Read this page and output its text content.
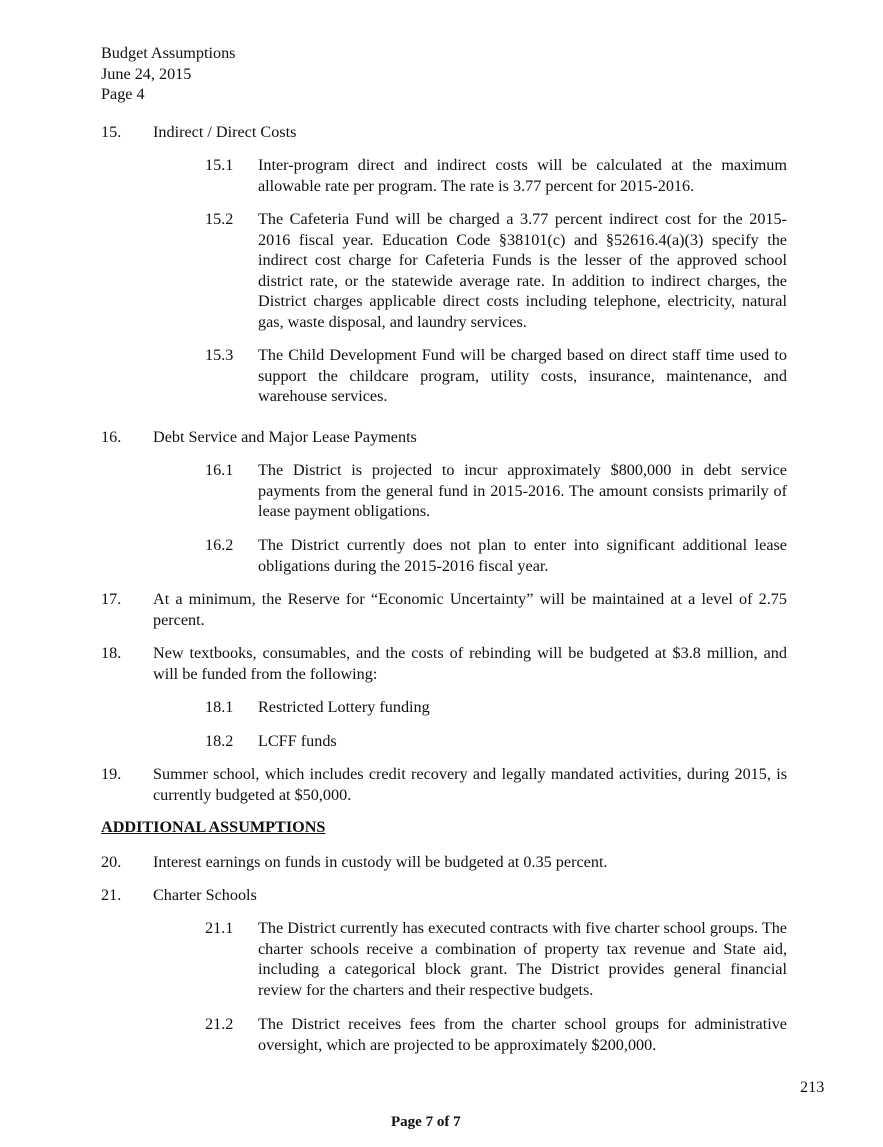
Budget Assumptions
June 24, 2015
Page 4
15. Indirect / Direct Costs
15.1 Inter-program direct and indirect costs will be calculated at the maximum allowable rate per program. The rate is 3.77 percent for 2015-2016.
15.2 The Cafeteria Fund will be charged a 3.77 percent indirect cost for the 2015-2016 fiscal year. Education Code §38101(c) and §52616.4(a)(3) specify the indirect cost charge for Cafeteria Funds is the lesser of the approved school district rate, or the statewide average rate. In addition to indirect charges, the District charges applicable direct costs including telephone, electricity, natural gas, waste disposal, and laundry services.
15.3 The Child Development Fund will be charged based on direct staff time used to support the childcare program, utility costs, insurance, maintenance, and warehouse services.
16. Debt Service and Major Lease Payments
16.1 The District is projected to incur approximately $800,000 in debt service payments from the general fund in 2015-2016. The amount consists primarily of lease payment obligations.
16.2 The District currently does not plan to enter into significant additional lease obligations during the 2015-2016 fiscal year.
17. At a minimum, the Reserve for “Economic Uncertainty” will be maintained at a level of 2.75 percent.
18. New textbooks, consumables, and the costs of rebinding will be budgeted at $3.8 million, and will be funded from the following:
18.1 Restricted Lottery funding
18.2 LCFF funds
19. Summer school, which includes credit recovery and legally mandated activities, during 2015, is currently budgeted at $50,000.
ADDITIONAL ASSUMPTIONS
20. Interest earnings on funds in custody will be budgeted at 0.35 percent.
21. Charter Schools
21.1 The District currently has executed contracts with five charter school groups. The charter schools receive a combination of property tax revenue and State aid, including a categorical block grant. The District provides general financial review for the charters and their respective budgets.
21.2 The District receives fees from the charter school groups for administrative oversight, which are projected to be approximately $200,000.
213
Page 7 of 7
